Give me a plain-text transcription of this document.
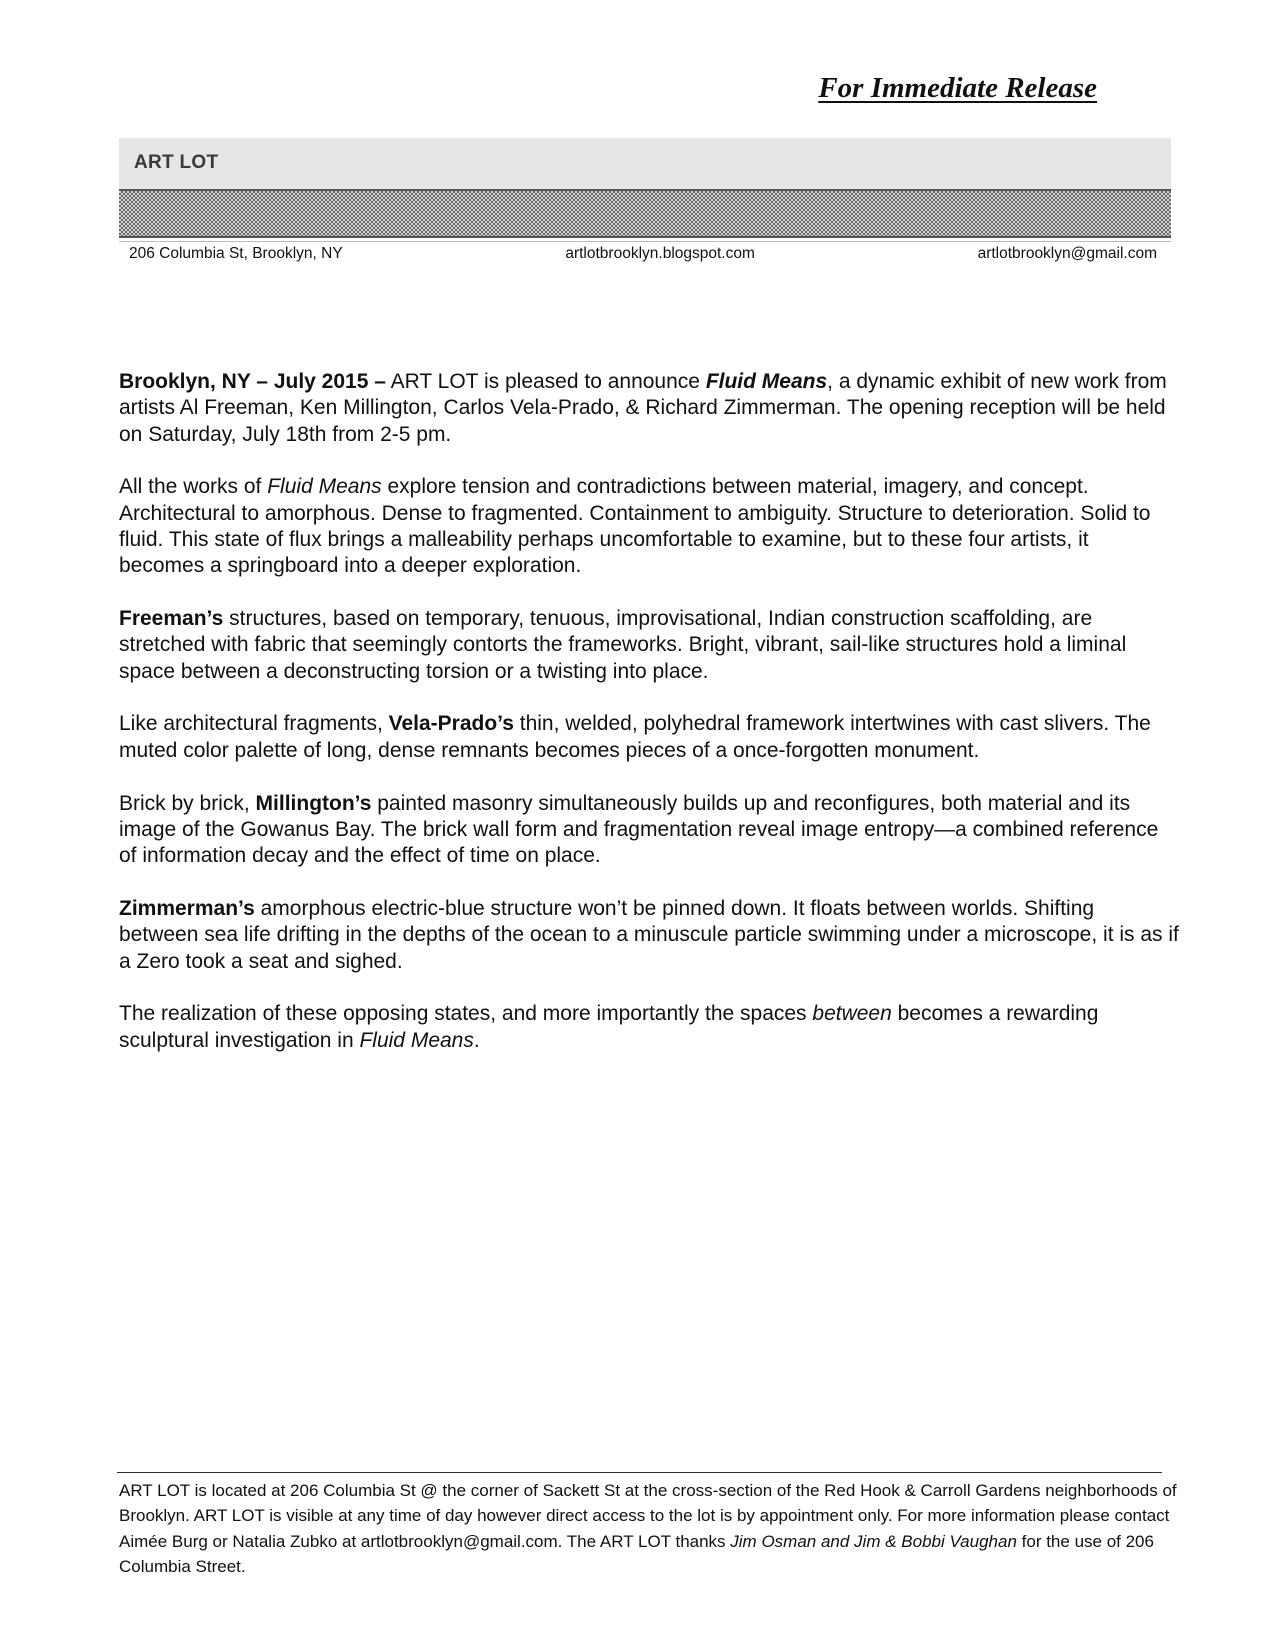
For Immediate Release
ART LOT
206 Columbia St, Brooklyn, NY	artlotbrooklyn.blogspot.com	artlotbrooklyn@gmail.com

Brooklyn, NY – July 2015 – ART LOT is pleased to announce Fluid Means, a dynamic exhibit of new work from artists Al Freeman, Ken Millington, Carlos Vela-Prado, & Richard Zimmerman. The opening reception will be held on Saturday, July 18th from 2-5 pm.

All the works of Fluid Means explore tension and contradictions between material, imagery, and concept. Architectural to amorphous. Dense to fragmented. Containment to ambiguity. Structure to deterioration. Solid to fluid. This state of flux brings a malleability perhaps uncomfortable to examine, but to these four artists, it becomes a springboard into a deeper exploration.

Freeman’s structures, based on temporary, tenuous, improvisational, Indian construction scaffolding, are stretched with fabric that seemingly contorts the frameworks. Bright, vibrant, sail-like structures hold a liminal space between a deconstructing torsion or a twisting into place.

Like architectural fragments, Vela-Prado’s thin, welded, polyhedral framework intertwines with cast slivers. The muted color palette of long, dense remnants becomes pieces of a once-forgotten monument.

Brick by brick, Millington’s painted masonry simultaneously builds up and reconfigures, both material and its image of the Gowanus Bay. The brick wall form and fragmentation reveal image entropy—a combined reference of information decay and the effect of time on place.

Zimmerman’s amorphous electric-blue structure won’t be pinned down. It floats between worlds. Shifting between sea life drifting in the depths of the ocean to a minuscule particle swimming under a microscope, it is as if a Zero took a seat and sighed.

The realization of these opposing states, and more importantly the spaces between becomes a rewarding sculptural investigation in Fluid Means.

ART LOT is located at 206 Columbia St @ the corner of Sackett St at the cross-section of the Red Hook & Carroll Gardens neighborhoods of Brooklyn. ART LOT is visible at any time of day however direct access to the lot is by appointment only. For more information please contact Aimée Burg or Natalia Zubko at artlotbrooklyn@gmail.com. The ART LOT thanks Jim Osman and Jim & Bobbi Vaughan for the use of 206 Columbia Street.
